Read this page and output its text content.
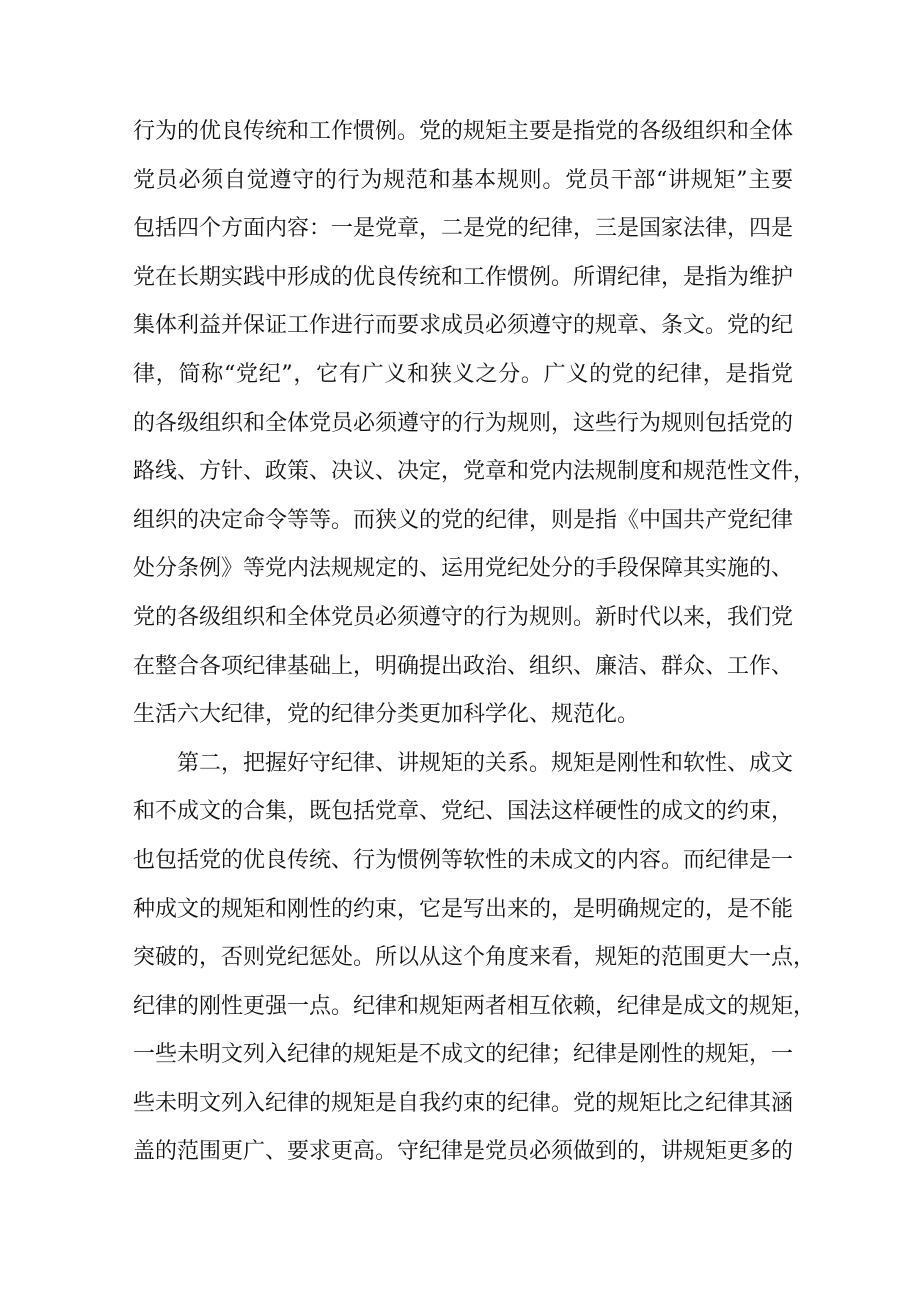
行为的优良传统和工作惯例。党的规矩主要是指党的各级组织和全体
党员必须自觉遵守的行为规范和基本规则。党员干部“讲规矩”主要
包括四个方面内容：一是党章，二是党的纪律，三是国家法律，四是
党在长期实践中形成的优良传统和工作惯例。所谓纪律，是指为维护
集体利益并保证工作进行而要求成员必须遵守的规章、条文。党的纪
律，简称“党纪”，它有广义和狭义之分。广义的党的纪律，是指党
的各级组织和全体党员必须遵守的行为规则，这些行为规则包括党的
路线、方针、政策、决议、决定，党章和党内法规制度和规范性文件，
组织的决定命令等等。而狭义的党的纪律，则是指《中国共产党纪律
处分条例》等党内法规规定的、运用党纪处分的手段保障其实施的、
党的各级组织和全体党员必须遵守的行为规则。新时代以来，我们党
在整合各项纪律基础上，明确提出政治、组织、廉洁、群众、工作、
生活六大纪律，党的纪律分类更加科学化、规范化。
第二，把握好守纪律、讲规矩的关系。规矩是刚性和软性、成文
和不成文的合集，既包括党章、党纪、国法这样硬性的成文的约束，
也包括党的优良传统、行为惯例等软性的未成文的内容。而纪律是一
种成文的规矩和刚性的约束，它是写出来的，是明确规定的，是不能
突破的，否则党纪惩处。所以从这个角度来看，规矩的范围更大一点，
纪律的刚性更强一点。纪律和规矩两者相互依赖，纪律是成文的规矩，
一些未明文列入纪律的规矩是不成文的纪律；纪律是刚性的规矩，一
些未明文列入纪律的规矩是自我约束的纪律。党的规矩比之纪律其涵
盖的范围更广、要求更高。守纪律是党员必须做到的，讲规矩更多的
